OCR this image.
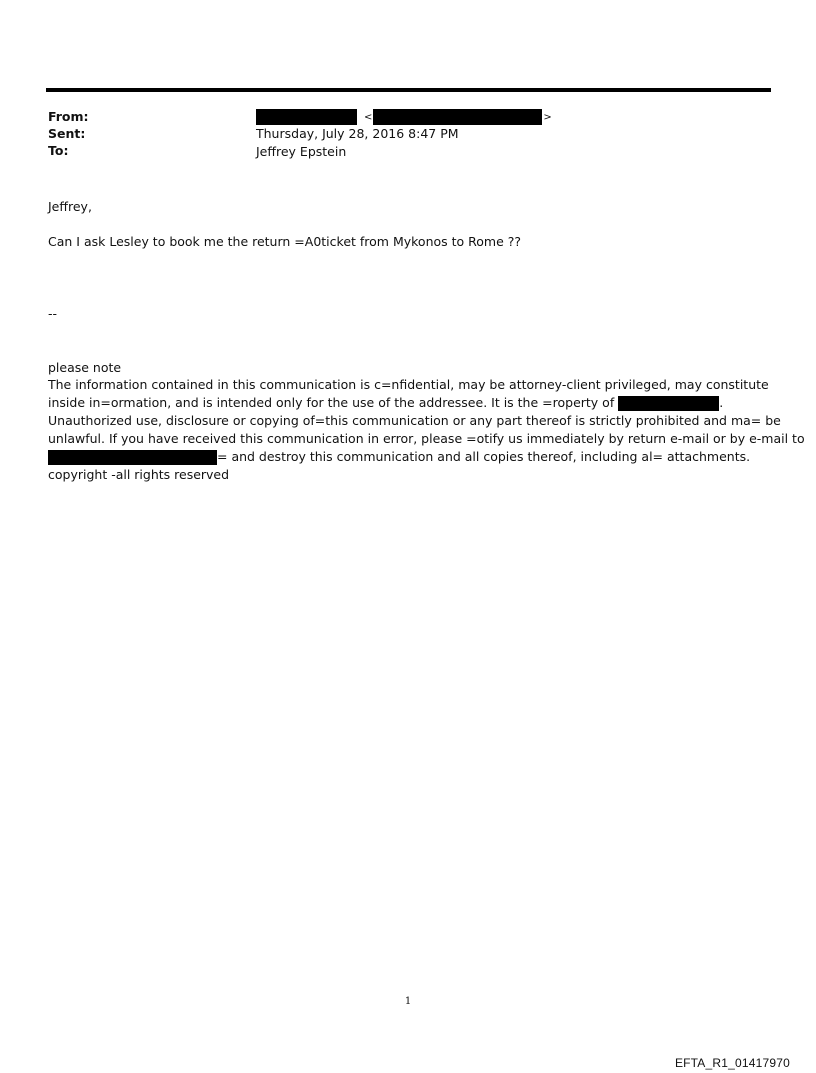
From:
Sent:
To:
<	>
Thursday, July 28, 2016 8:47 PM
Jeffrey Epstein
Jeffrey,
Can I ask Lesley to book me the return =A0ticket from Mykonos to Rome ??
--
please note
The information contained in this communication is c=nfidential, may be attorney-client privileged, may constitute
inside in=ormation, and is intended only for the use of the addressee. It is the =roperty of	.
Unauthorized use, disclosure or copying of=this communication or any part thereof is strictly prohibited and ma= be
unlawful. If you have received this communication in error, please =otify us immediately by return e-mail or by e-mail to
= and destroy this communication and all copies thereof, including al= attachments.
copyright -all rights reserved
1
EFTA_R1_01417970
